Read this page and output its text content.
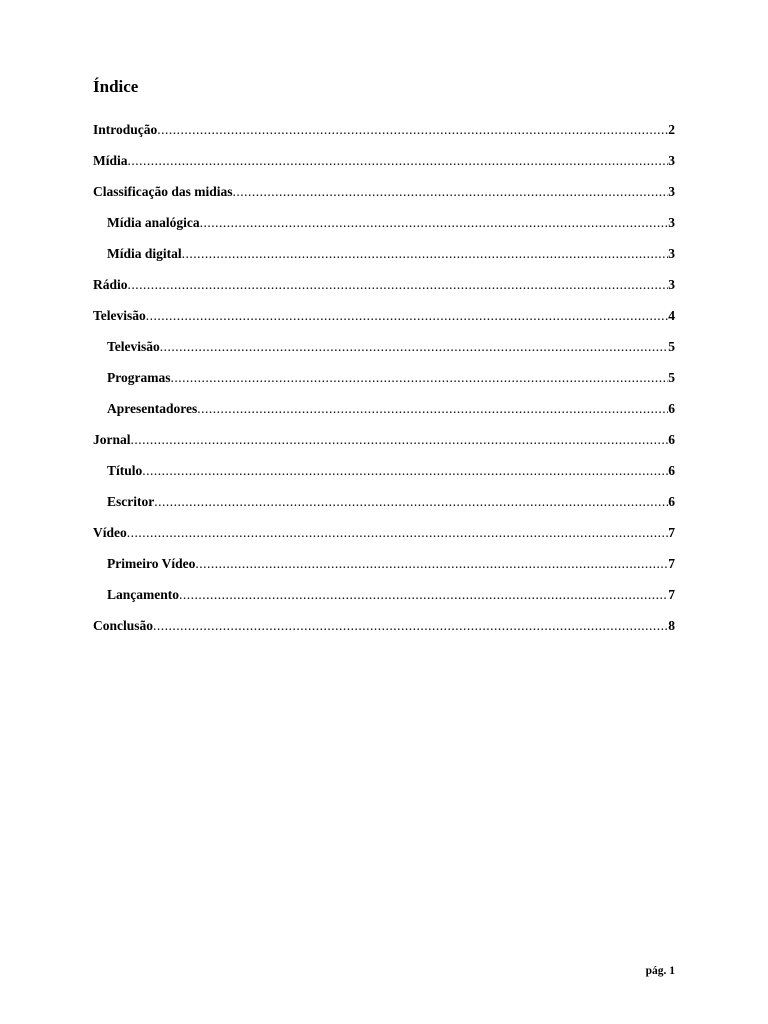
Índice
Introdução .....	2
Mídia .....	3
Classificação das midias .....	3
Mídia analógica .....	3
Mídia digital .....	3
Rádio .....	3
Televisão .....	4
Televisão .....	5
Programas .....	5
Apresentadores .....	6
Jornal .....	6
Título .....	6
Escritor .....	6
Vídeo .....	7
Primeiro Vídeo .....	7
Lançamento .....	7
Conclusão .....	8
pág. 1
